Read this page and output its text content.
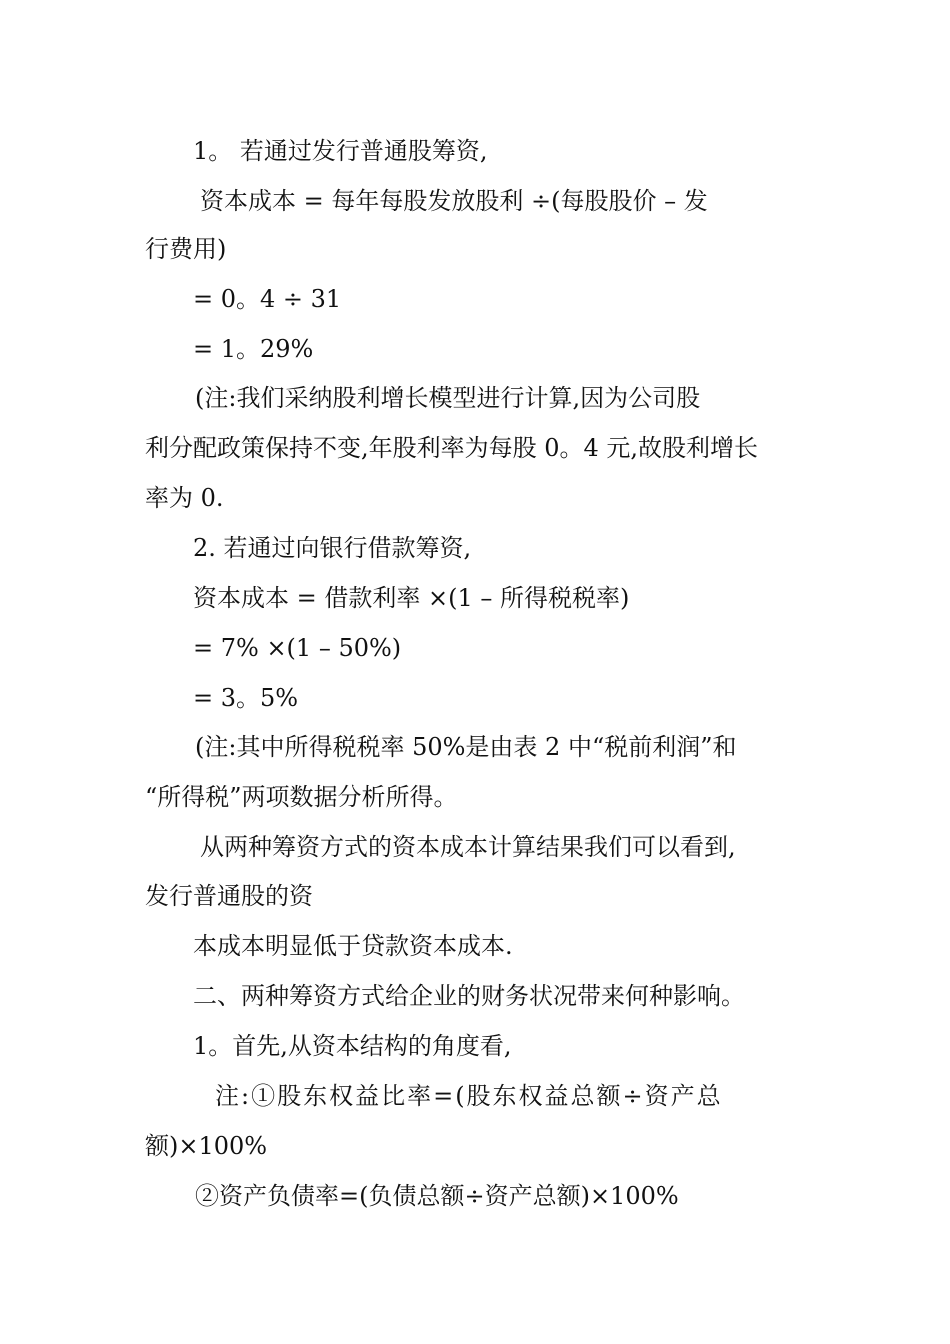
1。 若通过发行普通股筹资,
资本成本 = 每年每股发放股利 ÷(每股股价 – 发
行费用)
= 0。4 ÷ 31
= 1。29%
(注:我们采纳股利增长模型进行计算,因为公司股
利分配政策保持不变,年股利率为每股 0。4 元,故股利增长
率为 0.
2. 若通过向银行借款筹资,
资本成本 = 借款利率 ×(1 – 所得税税率)
= 7% ×(1 – 50%)
= 3。5%
(注:其中所得税税率 50%是由表 2 中“税前利润”和
“所得税”两项数据分析所得。
从两种筹资方式的资本成本计算结果我们可以看到,
发行普通股的资
本成本明显低于贷款资本成本.
二、两种筹资方式给企业的财务状况带来何种影响。
1。首先,从资本结构的角度看,
注:①股东权益比率=(股东权益总额÷资产总
额)×100%
②资产负债率=(负债总额÷资产总额)×100%
